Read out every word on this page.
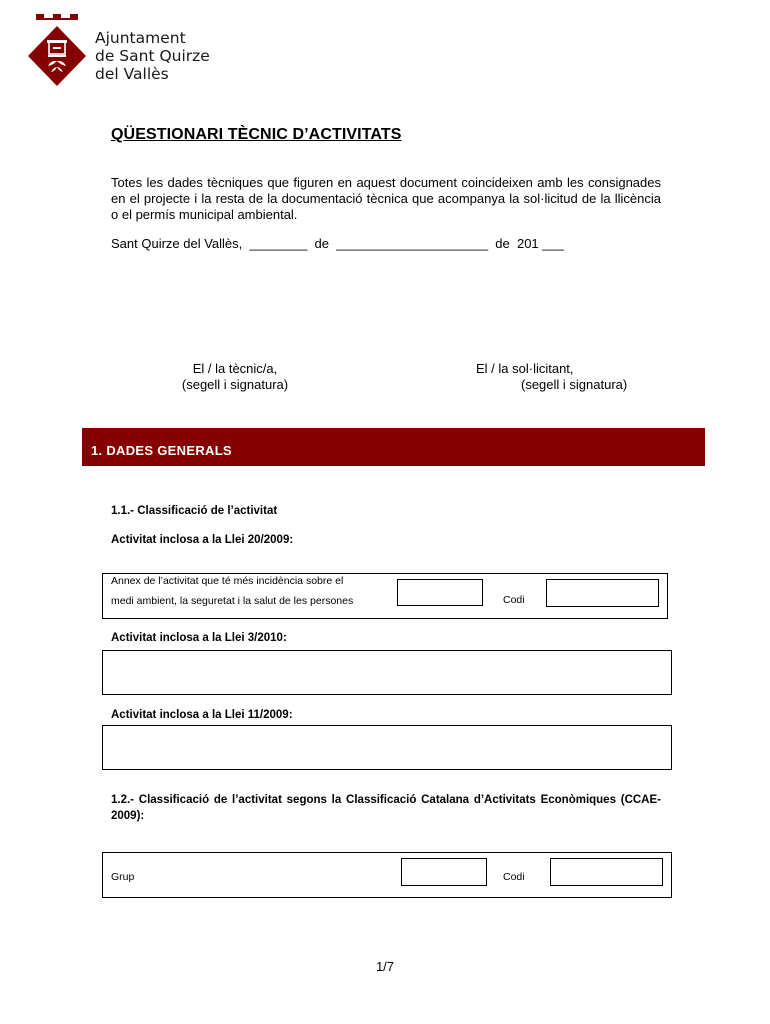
Ajuntament
de Sant Quirze
del Vallès
QÜESTIONARI TÈCNIC D’ACTIVITATS
Totes les dades tècniques que figuren en aquest document coincideixen amb les consignades en el projecte i la resta de la documentació tècnica que acompanya la sol·licitud de la llicència o el permís municipal ambiental.
Sant Quirze del Vallès,  ________  de  _____________________  de  201 ___
El / la tècnic/a,
(segell i signatura)
El / la sol·licitant,
(segell i signatura)
1. DADES GENERALS
1.1.- Classificació de l’activitat
Activitat inclosa a la Llei 20/2009:
Annex de l’activitat que té més incidència sobre el
medi ambient, la seguretat i la salut de les persones	Codi
Activitat inclosa a la Llei 3/2010:
Activitat inclosa a la Llei 11/2009:
1.2.- Classificació de l’activitat segons la Classificació Catalana d’Activitats Econòmiques (CCAE-2009):
Grup	Codi
1/7
